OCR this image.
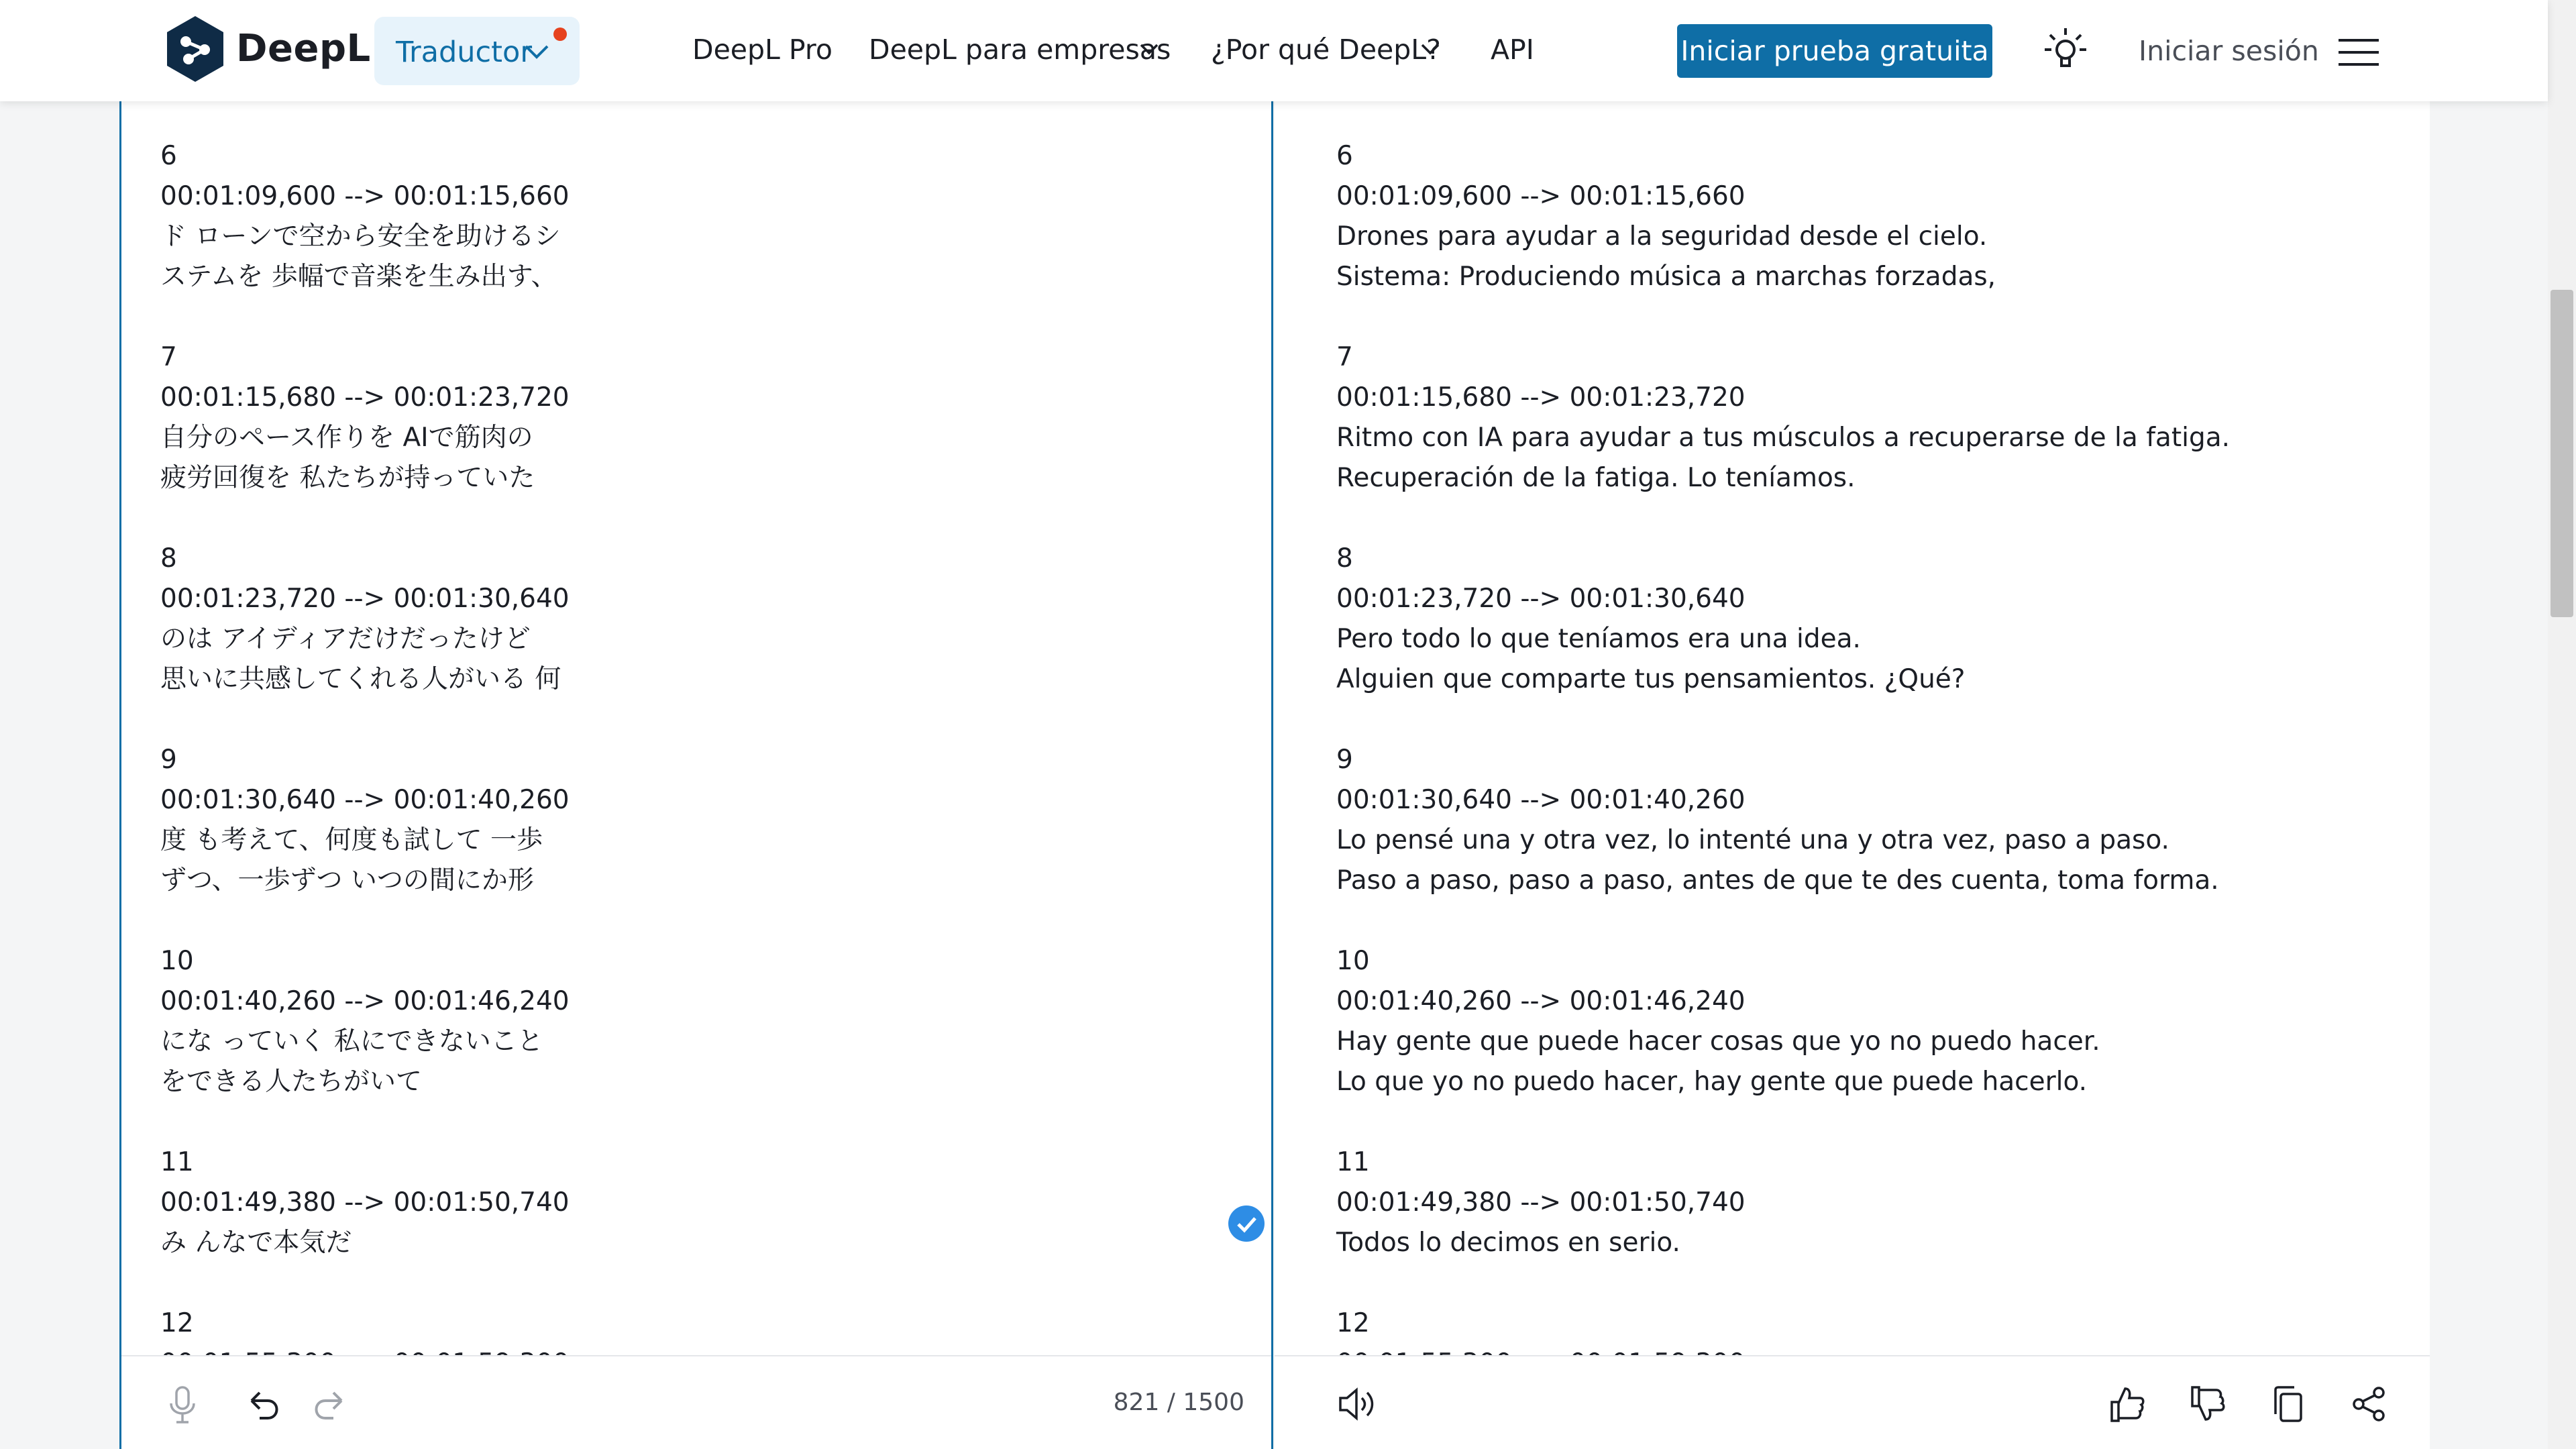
DeepL Traductor	DeepL Pro DeepL para empresas ¿Por qué DeepL? API	Iniciar prueba gratuita	Iniciar sesión
6
00:01:09,600 --> 00:01:15,660
ド ローンで空から安全を助けるシ
ステムを 歩幅で音楽を生み出す、
7
00:01:15,680 --> 00:01:23,720
自分のペース作りを AIで筋肉の
疲労回復を 私たちが持っていた
8
00:01:23,720 --> 00:01:30,640
のは アイディアだけだったけど
思いに共感してくれる人がいる 何
9
00:01:30,640 --> 00:01:40,260
度 も考えて、何度も試して 一歩
ずつ、一歩ずつ いつの間にか形
10
00:01:40,260 --> 00:01:46,240
にな っていく 私にできないこと
をできる人たちがいて
11
00:01:49,380 --> 00:01:50,740
み んなで本気だ
12
821 / 1500
6
00:01:09,600 --> 00:01:15,660
Drones para ayudar a la seguridad desde el cielo.
Sistema: Produciendo música a marchas forzadas,
7
00:01:15,680 --> 00:01:23,720
Ritmo con IA para ayudar a tus músculos a recuperarse de la fatiga.
Recuperación de la fatiga. Lo teníamos.
8
00:01:23,720 --> 00:01:30,640
Pero todo lo que teníamos era una idea.
Alguien que comparte tus pensamientos. ¿Qué?
9
00:01:30,640 --> 00:01:40,260
Lo pensé una y otra vez, lo intenté una y otra vez, paso a paso.
Paso a paso, paso a paso, antes de que te des cuenta, toma forma.
10
00:01:40,260 --> 00:01:46,240
Hay gente que puede hacer cosas que yo no puedo hacer.
Lo que yo no puedo hacer, hay gente que puede hacerlo.
11
00:01:49,380 --> 00:01:50,740
Todos lo decimos en serio.
12
